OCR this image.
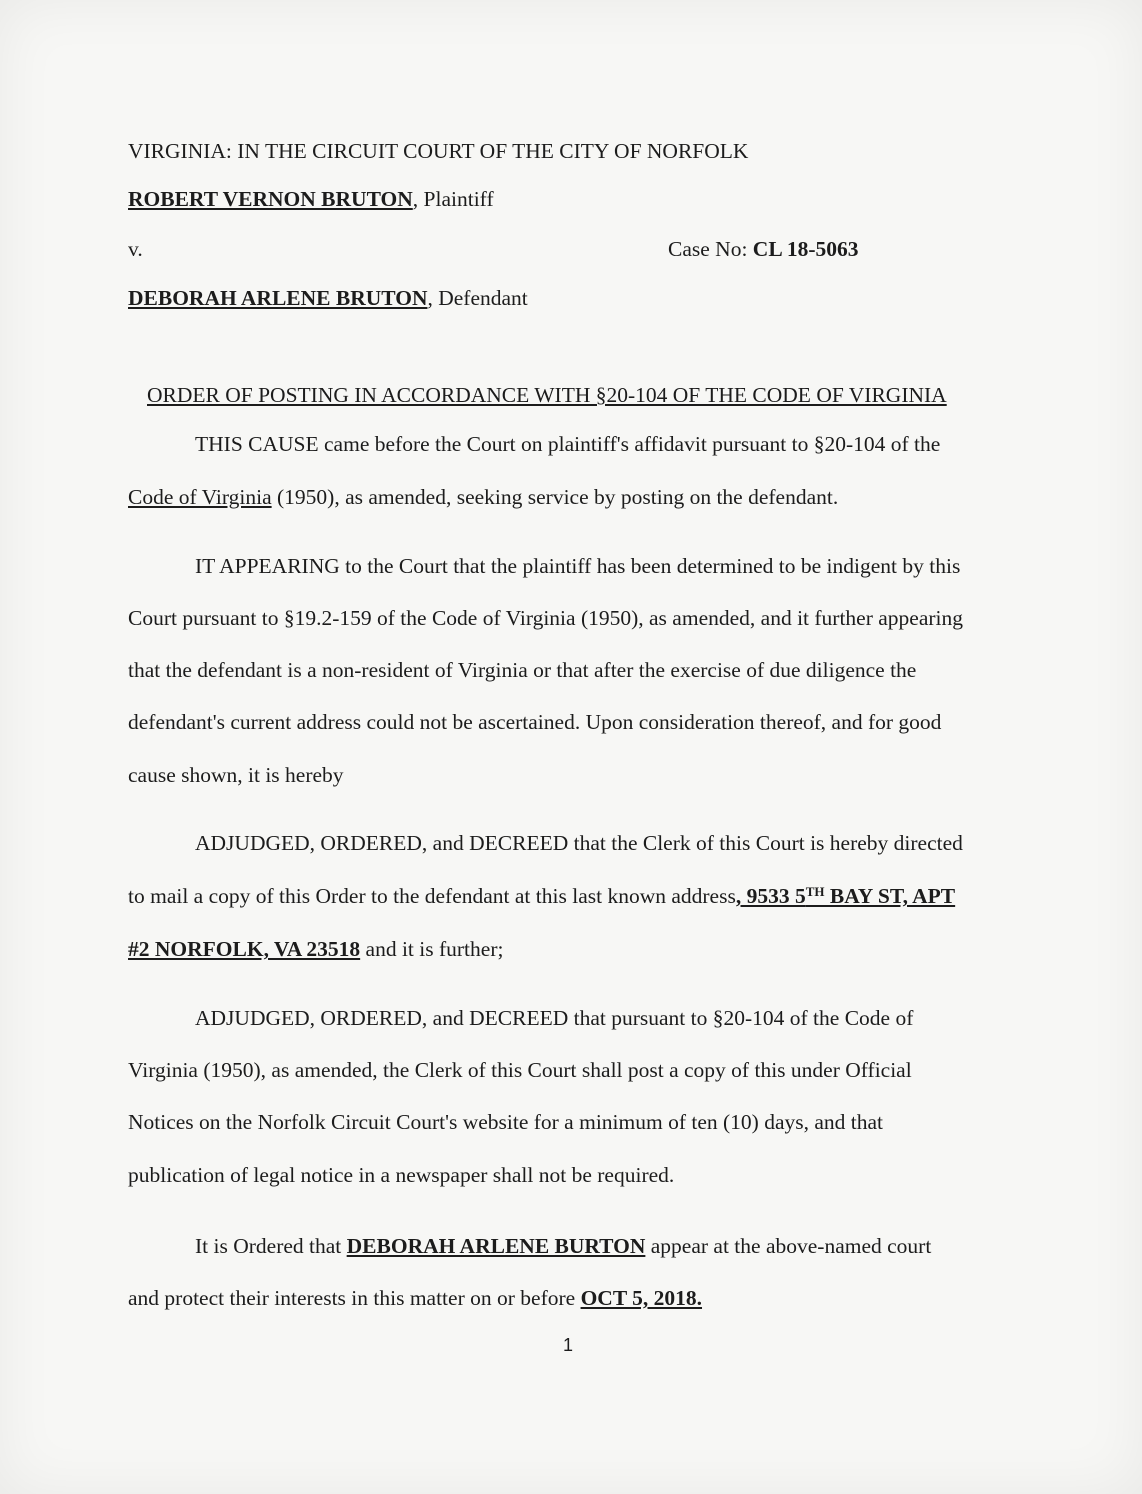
VIRGINIA: IN THE CIRCUIT COURT OF THE CITY OF NORFOLK
ROBERT VERNON BRUTON, Plaintiff
v.	Case No: CL 18-5063
DEBORAH ARLENE BRUTON, Defendant
ORDER OF POSTING IN ACCORDANCE WITH §20-104 OF THE CODE OF VIRGINIA
THIS CAUSE came before the Court on plaintiff's affidavit pursuant to §20-104 of the
Code of Virginia (1950), as amended, seeking service by posting on the defendant.
IT APPEARING to the Court that the plaintiff has been determined to be indigent by this
Court pursuant to §19.2-159 of the Code of Virginia (1950), as amended, and it further appearing
that the defendant is a non-resident of Virginia or that after the exercise of due diligence the
defendant's current address could not be ascertained. Upon consideration thereof, and for good
cause shown, it is hereby
ADJUDGED, ORDERED, and DECREED that the Clerk of this Court is hereby directed
to mail a copy of this Order to the defendant at this last known address, 9533 5TH BAY ST, APT
#2 NORFOLK, VA 23518 and it is further;
ADJUDGED, ORDERED, and DECREED that pursuant to §20-104 of the Code of
Virginia (1950), as amended, the Clerk of this Court shall post a copy of this under Official
Notices on the Norfolk Circuit Court's website for a minimum of ten (10) days, and that
publication of legal notice in a newspaper shall not be required.
It is Ordered that DEBORAH ARLENE BURTON appear at the above-named court
and protect their interests in this matter on or before OCT 5, 2018.
1
